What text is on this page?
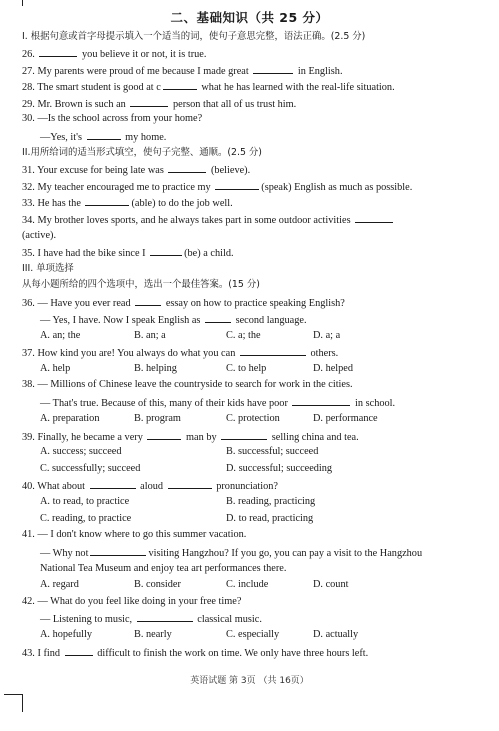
二、基础知识（共 25 分）
I. 根据句意或首字母提示填入一个适当的词，使句子意思完整，语法正确。(2.5 分)
26.	you believe it or not, it is true.
27. My parents were proud of me because I made great	in English.
28. The smart student is good at c	what he has learned with the real-life situation.
29. Mr. Brown is such an	person that all of us trust him.
30. —Is the school across from your home?
—Yes, it's	my home.
II.用所给词的适当形式填空，使句子完整、通顺。(2.5 分)
31. Your excuse for being late was	(believe).
32. My teacher encouraged me to practice my	(speak) English as much as possible.
33. He has the	(able) to do the job well.
34. My brother loves sports, and he always takes part in some outdoor activities
(active).
35. I have had the bike since I	(be) a child.
III. 单项选择
从每小题所给的四个选项中，选出一个最佳答案。(15 分)
36. — Have you ever read	essay on how to practice speaking English?
— Yes, I have. Now I speak English as	second language.
A. an; the	B. an; a	C. a; the	D. a; a
37. How kind you are! You always do what you can	others.
A. help	B. helping	C. to help	D. helped
38. — Millions of Chinese leave the countryside to search for work in the cities.
— That's true. Because of this, many of their kids have poor	in school.
A. preparation	B. program	C. protection	D. performance
39. Finally, he became a very	man by	selling china and tea.
A. success; succeed	B. successful; succeed
C. successfully; succeed	D. successful; succeeding
40. What about	aloud	pronunciation?
A. to read, to practice	B. reading, practicing
C. reading, to practice	D. to read, practicing
41. — I don't know where to go this summer vacation.
— Why not	visiting Hangzhou? If you go, you can pay a visit to the Hangzhou
National Tea Museum and enjoy tea art performances there.
A. regard	B. consider	C. include	D. count
42. — What do you feel like doing in your free time?
— Listening to music,	classical music.
A. hopefully	B. nearly	C. especially	D. actually
43. I find	difficult to finish the work on time. We only have three hours left.
英语试题 第 3页 （共 16页）
